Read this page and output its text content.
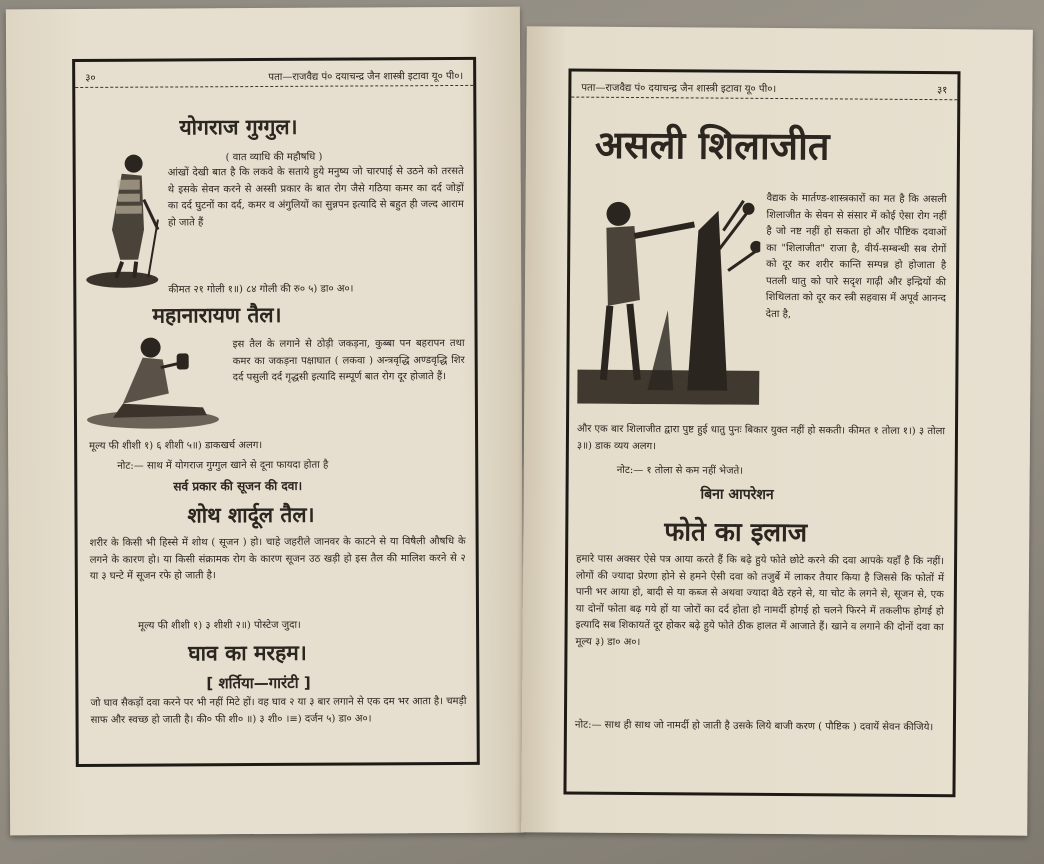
३०	पता—राजवैद्य पं० दयाचन्द्र जैन शास्त्री इटावा यू० पी०।
योगराज गुग्गुल।
( वात व्याधि की महौषधि )
आंखों देखी बात है कि लकवे के सताये हुये मनुष्य जो चारपाई से उठने को तरसते थे इसके सेवन करने से अस्सी प्रकार के बात रोग जैसे गठिया कमर का दर्द जोड़ों का दर्द घुटनों का दर्द, कमर व अंगुलियों का सुन्नपन इत्यादि से बहुत ही जल्द आराम हो जाते हैं
कीमत २१ गोली १॥) ८४ गोली की रु० ५) डा० अ०।
महानारायण तैल।
इस तैल के लगाने से ठोड़ी जकड़ना, कुब्बा पन बहरापन तथा कमर का जकड़ना पक्षाघात ( लकवा ) अन्त्रवृद्धि अण्डवृद्धि शिर दर्द पसुली दर्द गृद्धसी इत्यादि सम्पूर्ण बात रोग दूर होजाते हैं।
मूल्य फी शीशी १) ६ शीशी ५॥) डाकखर्च अलग।
नोट:— साथ में योगराज गुग्गुल खाने से दूना फायदा होता है
सर्व प्रकार की सूजन की दवा।
शोथ शार्दूल तैल।
शरीर के किसी भी हिस्से में शोथ ( सूजन ) हो। चाहे जहरीले जानवर के काटने से या विषैली औषधि के लगने के कारण हो। या किसी संक्रामक रोग के कारण सूजन उठ खड़ी हो इस तैल की मालिश करने से २ या ३ घन्टे में सूजन रफे हो जाती है।
मूल्य फी शीशी १) ३ शीशी २॥) पोस्टेज जुदा।
घाव का मरहम।
[ शर्तिया—गारंटी ]
जो घाव सैकड़ों दवा करने पर भी नहीं मिटे हों। वह घाव २ या ३ बार लगाने से एक दम भर आता है। चमड़ी साफ और स्वच्छ हो जाती है। की० फी शी० ॥) ३ शी० ।≡) दर्जन ५) डा० अ०।
पता—राजवैद्य पं० दयाचन्द्र जैन शास्त्री इटावा यू० पी०।	३१
असली शिलाजीत
वैद्यक के मार्तण्ड-शास्त्रकारों का मत है कि असली शिलाजीत के सेवन से संसार में कोई ऐसा रोग नहीं है जो नष्ट नहीं हो सकता हो और पौष्टिक दवाओं का "शिलाजीत" राजा है, वीर्य-सम्बन्धी सब रोगों को दूर कर शरीर कान्ति सम्पन्न हो होजाता है पतली धातु को पारे सदृश गाढ़ी और इन्द्रियों की शिथिलता को दूर कर स्त्री सहवास में अपूर्व आनन्द देता है,
और एक बार शिलाजीत द्वारा पुष्ट हुई धातु पुनः बिकार युक्त नहीं हो सकती। कीमत १ तोला १।) ३ तोला ३॥) डाक व्यय अलग।
नोट:— १ तोला से कम नहीं भेजते।
बिना आपरेशन
फोते का इलाज
हमारे पास अक्सर ऐसे पत्र आया करते हैं कि बढ़े हुये फोते छोटे करने की दवा आपके यहाँ है कि नहीं। लोगों की ज्यादा प्रेरणा होने से हमने ऐसी दवा को तजुर्बे में लाकर तैयार किया है जिससे कि फोतों में पानी भर आया हो, बादी से या कब्ज से अथवा ज्यादा बैठे रहने से, या चोट के लगने से, सूजन से, एक या दोनों फोता बढ़ गये हों या जोरों का दर्द होता हो नामर्दी होगई हो चलने फिरने में तकलीफ होगई हो इत्यादि सब शिकायतें दूर होकर बढ़े हुये फोते ठीक हालत में आजाते हैं। खाने व लगाने की दोनों दवा का मूल्य ३) डा० अ०।
नोट:— साथ ही साथ जो नामर्दी हो जाती है उसके लिये बाजी करण ( पौष्टिक ) दवायें सेवन कीजिये।
